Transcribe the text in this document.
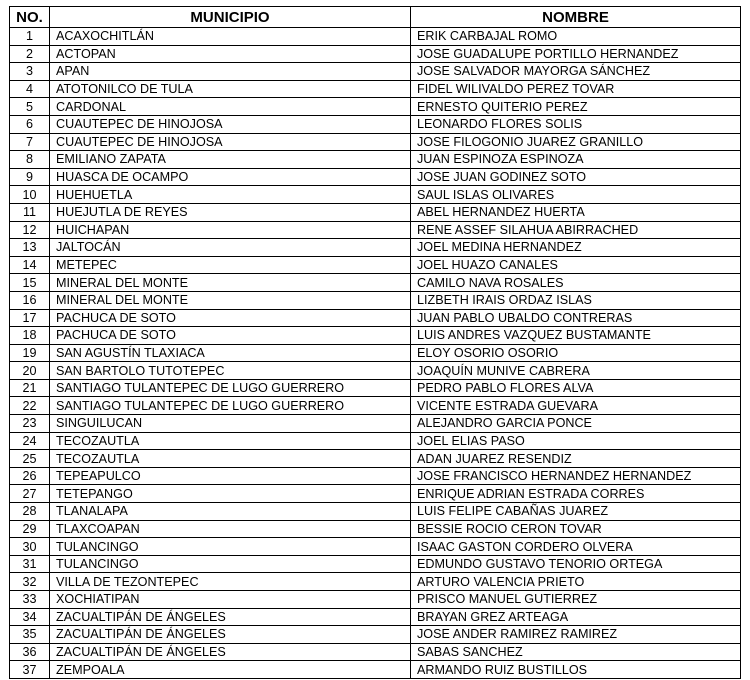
NO.	MUNICIPIO	NOMBRE
1	ACAXOCHITLÁN	ERIK CARBAJAL ROMO
2	ACTOPAN	JOSE GUADALUPE PORTILLO HERNANDEZ
3	APAN	JOSE SALVADOR MAYORGA SÁNCHEZ
4	ATOTONILCO DE TULA	FIDEL WILIVALDO PEREZ TOVAR
5	CARDONAL	ERNESTO QUITERIO PEREZ
6	CUAUTEPEC DE HINOJOSA	LEONARDO FLORES SOLIS
7	CUAUTEPEC DE HINOJOSA	JOSE FILOGONIO JUAREZ GRANILLO
8	EMILIANO ZAPATA	JUAN ESPINOZA ESPINOZA
9	HUASCA DE OCAMPO	JOSE JUAN GODINEZ SOTO
10	HUEHUETLA	SAUL ISLAS OLIVARES
11	HUEJUTLA DE REYES	ABEL HERNANDEZ HUERTA
12	HUICHAPAN	RENE ASSEF SILAHUA ABIRRACHED
13	JALTOCÁN	JOEL MEDINA HERNANDEZ
14	METEPEC	JOEL HUAZO CANALES
15	MINERAL DEL MONTE	CAMILO NAVA ROSALES
16	MINERAL DEL MONTE	LIZBETH IRAIS ORDAZ ISLAS
17	PACHUCA DE SOTO	JUAN PABLO UBALDO CONTRERAS
18	PACHUCA DE SOTO	LUIS ANDRES VAZQUEZ BUSTAMANTE
19	SAN AGUSTÍN TLAXIACA	ELOY OSORIO OSORIO
20	SAN BARTOLO TUTOTEPEC	JOAQUÍN MUNIVE CABRERA
21	SANTIAGO TULANTEPEC DE LUGO GUERRERO	PEDRO PABLO FLORES ALVA
22	SANTIAGO TULANTEPEC DE LUGO GUERRERO	VICENTE ESTRADA GUEVARA
23	SINGUILUCAN	ALEJANDRO GARCIA PONCE
24	TECOZAUTLA	JOEL ELIAS PASO
25	TECOZAUTLA	ADAN JUAREZ RESENDIZ
26	TEPEAPULCO	JOSE FRANCISCO HERNANDEZ HERNANDEZ
27	TETEPANGO	ENRIQUE ADRIAN ESTRADA CORRES
28	TLANALAPA	LUIS FELIPE CABAÑAS JUAREZ
29	TLAXCOAPAN	BESSIE ROCIO CERON TOVAR
30	TULANCINGO	ISAAC GASTON CORDERO OLVERA
31	TULANCINGO	EDMUNDO GUSTAVO TENORIO ORTEGA
32	VILLA DE TEZONTEPEC	ARTURO VALENCIA PRIETO
33	XOCHIATIPAN	PRISCO MANUEL GUTIERREZ
34	ZACUALTIPÁN DE ÁNGELES	BRAYAN GREZ ARTEAGA
35	ZACUALTIPÁN DE ÁNGELES	JOSE ANDER RAMIREZ RAMIREZ
36	ZACUALTIPÁN DE ÁNGELES	SABAS SANCHEZ
37	ZEMPOALA	ARMANDO RUIZ BUSTILLOS
